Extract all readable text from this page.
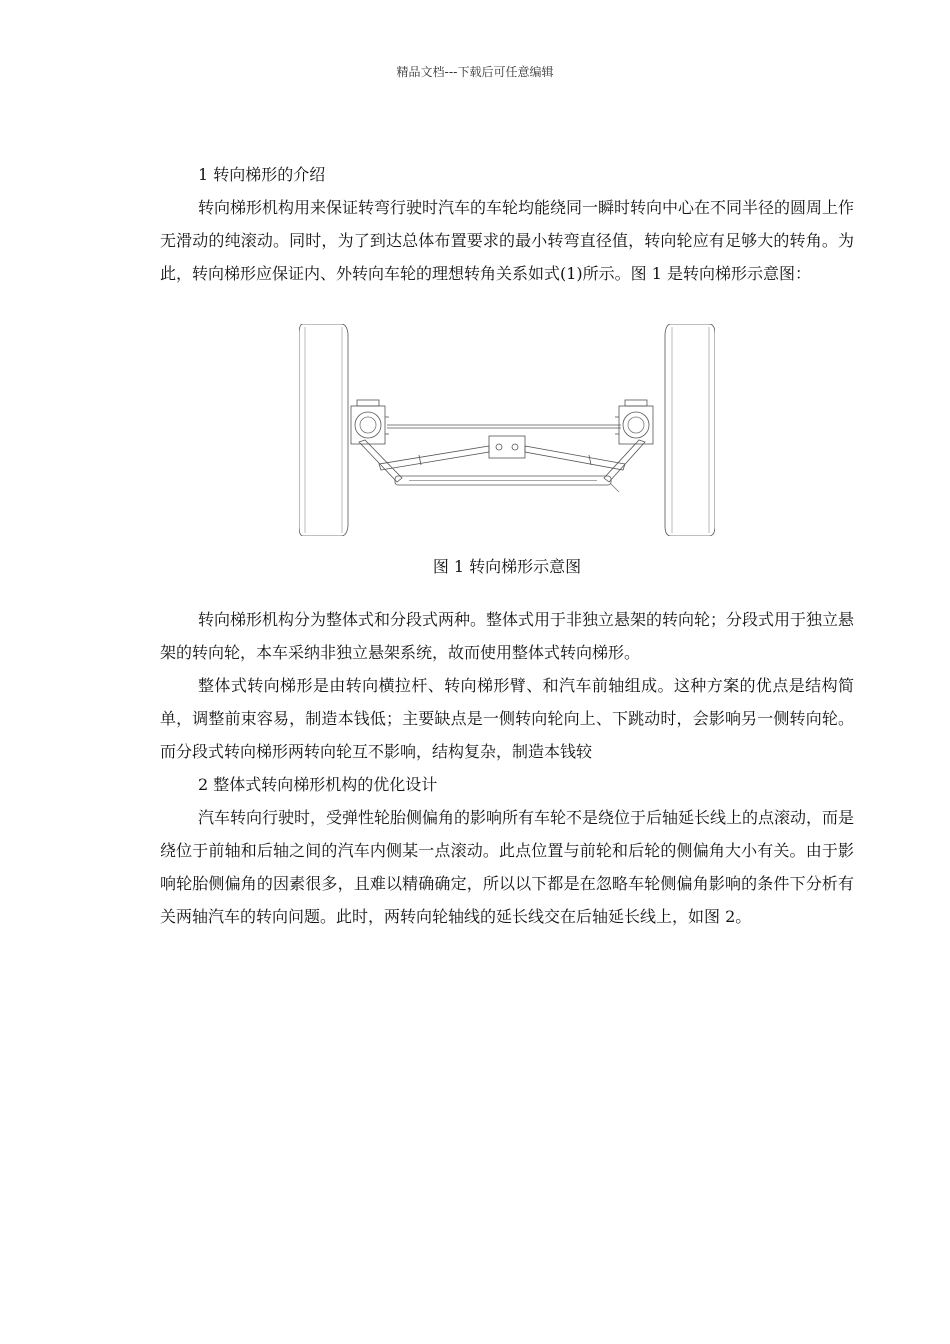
精品文档---下载后可任意编辑

1 转向梯形的介绍

转向梯形机构用来保证转弯行驶时汽车的车轮均能绕同一瞬时转向中心在不同半径的圆周上作无滑动的纯滚动。同时，为了到达总体布置要求的最小转弯直径值，转向轮应有足够大的转角。为此，转向梯形应保证内、外转向车轮的理想转角关系如式(1)所示。图 1 是转向梯形示意图：

图 1 转向梯形示意图

转向梯形机构分为整体式和分段式两种。整体式用于非独立悬架的转向轮；分段式用于独立悬架的转向轮，本车采纳非独立悬架系统，故而使用整体式转向梯形。

整体式转向梯形是由转向横拉杆、转向梯形臂、和汽车前轴组成。这种方案的优点是结构简单，调整前束容易，制造本钱低；主要缺点是一侧转向轮向上、下跳动时，会影响另一侧转向轮。而分段式转向梯形两转向轮互不影响，结构复杂，制造本钱较

2 整体式转向梯形机构的优化设计

汽车转向行驶时，受弹性轮胎侧偏角的影响所有车轮不是绕位于后轴延长线上的点滚动，而是绕位于前轴和后轴之间的汽车内侧某一点滚动。此点位置与前轮和后轮的侧偏角大小有关。由于影响轮胎侧偏角的因素很多，且难以精确确定，所以以下都是在忽略车轮侧偏角影响的条件下分析有关两轴汽车的转向问题。此时，两转向轮轴线的延长线交在后轴延长线上，如图 2。
